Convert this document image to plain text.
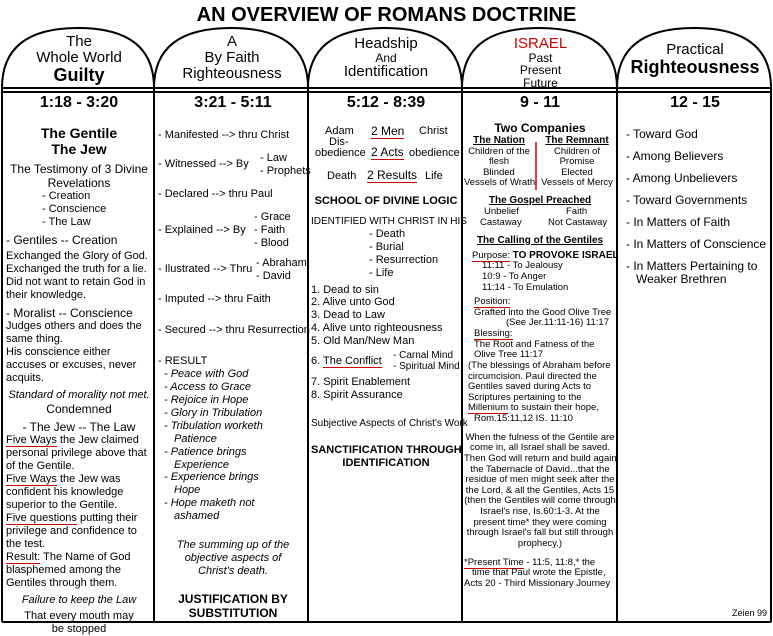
AN OVERVIEW OF ROMANS DOCTRINE
The
Whole World
Guilty
A
By Faith
Righteousness
Headship
And
Identification
ISRAEL
Past
Present
Future
Practical
Righteousness
1:18 - 3:20
The Gentile
The Jew
The Testimony of 3 Divine
Revelations
- Creation
- Conscience
- The Law
- Gentiles -- Creation
Exchanged the Glory of God.
Exchanged the truth for a lie.
Did not want to retain God in
their knowledge.
- Moralist -- Conscience
Judges others and does the
same thing.
His conscience either
accuses or excuses, never
acquits.
Standard of morality not met.
Condemned
- The Jew -- The Law
Five Ways the Jew claimed
personal privilege above that
of the Gentile.
Five Ways the Jew was
confident his knowledge
superior to the Gentile.
Five questions putting their
privilege and confidence to
the test.
Result: The Name of God
blasphemed among the
Gentiles through them.
Failure to keep the Law
That every mouth may
be stopped
3:21 - 5:11
- Manifested --> thru Christ
- Witnessed --> By - Law
- Prophets
- Declared --> thru Paul
- Explained --> By
- Grace
- Faith
- Blood
- Ilustrated --> Thru - Abraham
- David
- Imputed --> thru Faith
- Secured --> thru Resurrection
- RESULT
- Peace with God
- Access to Grace
- Rejoice in Hope
- Glory in Tribulation
- Tribulation worketh
Patience
- Patience brings
Experience
- Experience brings
Hope
- Hope maketh not
ashamed
The summing up of the
objective aspects of
Christ's death.
JUSTIFICATION BY
SUBSTITUTION
5:12 - 8:39
Adam 2 Men Christ
Dis-
obedience 2 Acts obedience
Death 2 Results Life
SCHOOL OF DIVINE LOGIC
IDENTIFIED WITH CHRIST IN HIS
- Death
- Burial
- Resurrection
- Life
1. Dead to sin
2. Alive unto God
3. Dead to Law
4. Alive unto righteousness
5. Old Man/New Man
6. The Conflict - Carnal Mind
- Spiritual Mind
7. Spirit Enablement
8. Spirit Assurance
Subjective Aspects of Christ's Work
SANCTIFICATION THROUGH
IDENTIFICATION
9 - 11
Two Companies
The Nation
Children of the
flesh
Blinded
Vessels of Wrath
The Remnant
Children of
Promise
Elected
Vessels of Mercy
The Gospel Preached
Unbelief	Faith
Castaway	Not Castaway
The Calling of the Gentiles
Purpose: TO PROVOKE ISRAEL
11:11 - To Jealousy
10:9 - To Anger
11:14 - To Emulation
Position:
Grafted into the Good Olive Tree
(See Jer.11:11-16) 11:17
Blessing:
The Root and Fatness of the
Olive Tree 11:17
(The blessings of Abraham before
circumcision. Paul directed the
Gentiles saved during Acts to
Scriptures pertaining to the
Millenium to sustain their hope,
Rom.15:11,12 IS. 11:10
When the fulness of the Gentile are
come in, all Israel shall be saved.
Then God will return and build again
the Tabernacle of David...that the
residue of men might seek after the
the Lord, & all the Gentiles, Acts 15
(then the Gentiles will come through
Israel's rise, Is.60:1-3. At the
present time* they were coming
through Israel's fall but still through
prophecy.)
*Present Time - 11:5, 11:8,* the
time that Paul wrote the Epistle,
Acts 20 - Third Missionary Journey
12 - 15
- Toward God
- Among Believers
- Among Unbelievers
- Toward Governments
- In Matters of Faith
- In Matters of Conscience
- In Matters Pertaining to
Weaker Brethren
Zeien 99
